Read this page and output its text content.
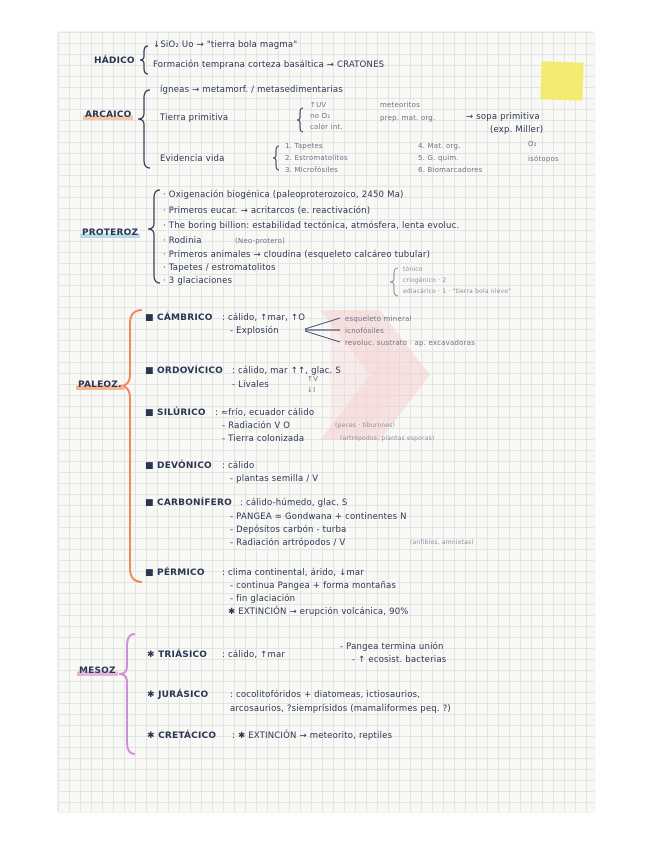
HÁDICO
↓SiO₂ Uo → "tierra bola magma"
Formación temprana corteza basáltica → CRATONES
ARCAICO
ígneas → metamorf. / metasedimentarias
Tierra primitiva
↑UV
no O₂
calor int.
meteoritos
prep. mat. org.	→ sopa primitiva
(exp. Miller)
Evidencia vida
1. Tapetes
2. Estromatolitos
3. Microfósiles
4. Mat. org.
5. G. quim.
6. Biomarcadores
O₂
isótopos
PROTEROZ
· Oxigenación biogénica (paleoproterozoico, 2450 Ma)
· Primeros eucar. → acritarcos (e. reactivación)
· The boring billion: estabilidad tectónica, atmósfera, lenta evoluc.
· Rodinia	(Neo-protero)
· Primeros animales → cloudina (esqueleto calcáreo tubular)
· Tapetes / estromatolitos
· 3 glaciaciones
tónico
criogénico · 2
ediacárico · 1 · "tierra bola nieve"
PALEOZ.
■ CÁMBRICO : cálido, ↑mar, ↑O
- Explosión
esqueleto mineral
icnofósiles
revoluc. sustrato · ap. excavadoras
■ ORDOVÍCICO : cálido, mar ↑↑, glac. S
- Livales
↑V
↓I
■ SILÚRICO : ≈frío, ecuador cálido
- Radiación V O	(peces · tiburones)
- Tierra colonizada	(artrópodos, plantas esporas)
■ DEVÓNICO : cálido
- plantas semilla / V
■ CARBONÍFERO : cálido-húmedo, glac. S
- PANGEA = Gondwana + continentes N
- Depósitos carbón - turba
- Radiación artrópodos / V	(anfibios, amniotas)
■ PÉRMICO : clima continental, árido, ↓mar
- continua Pangea + forma montañas
- fin glaciación
✱ EXTINCIÓN → erupción volcánica, 90%
MESOZ
✱ TRIÁSICO : cálido, ↑mar
- Pangea termina unión
- ↑ ecosist. bacterias
✱ JURÁSICO	: cocolitofóridos + diatomeas, ictiosaurios,
arcosaurios, ?siemprísidos (mamaliformes peq. ?)
✱ CRETÁCICO : ✱ EXTINCIÓN → meteorito, reptiles
